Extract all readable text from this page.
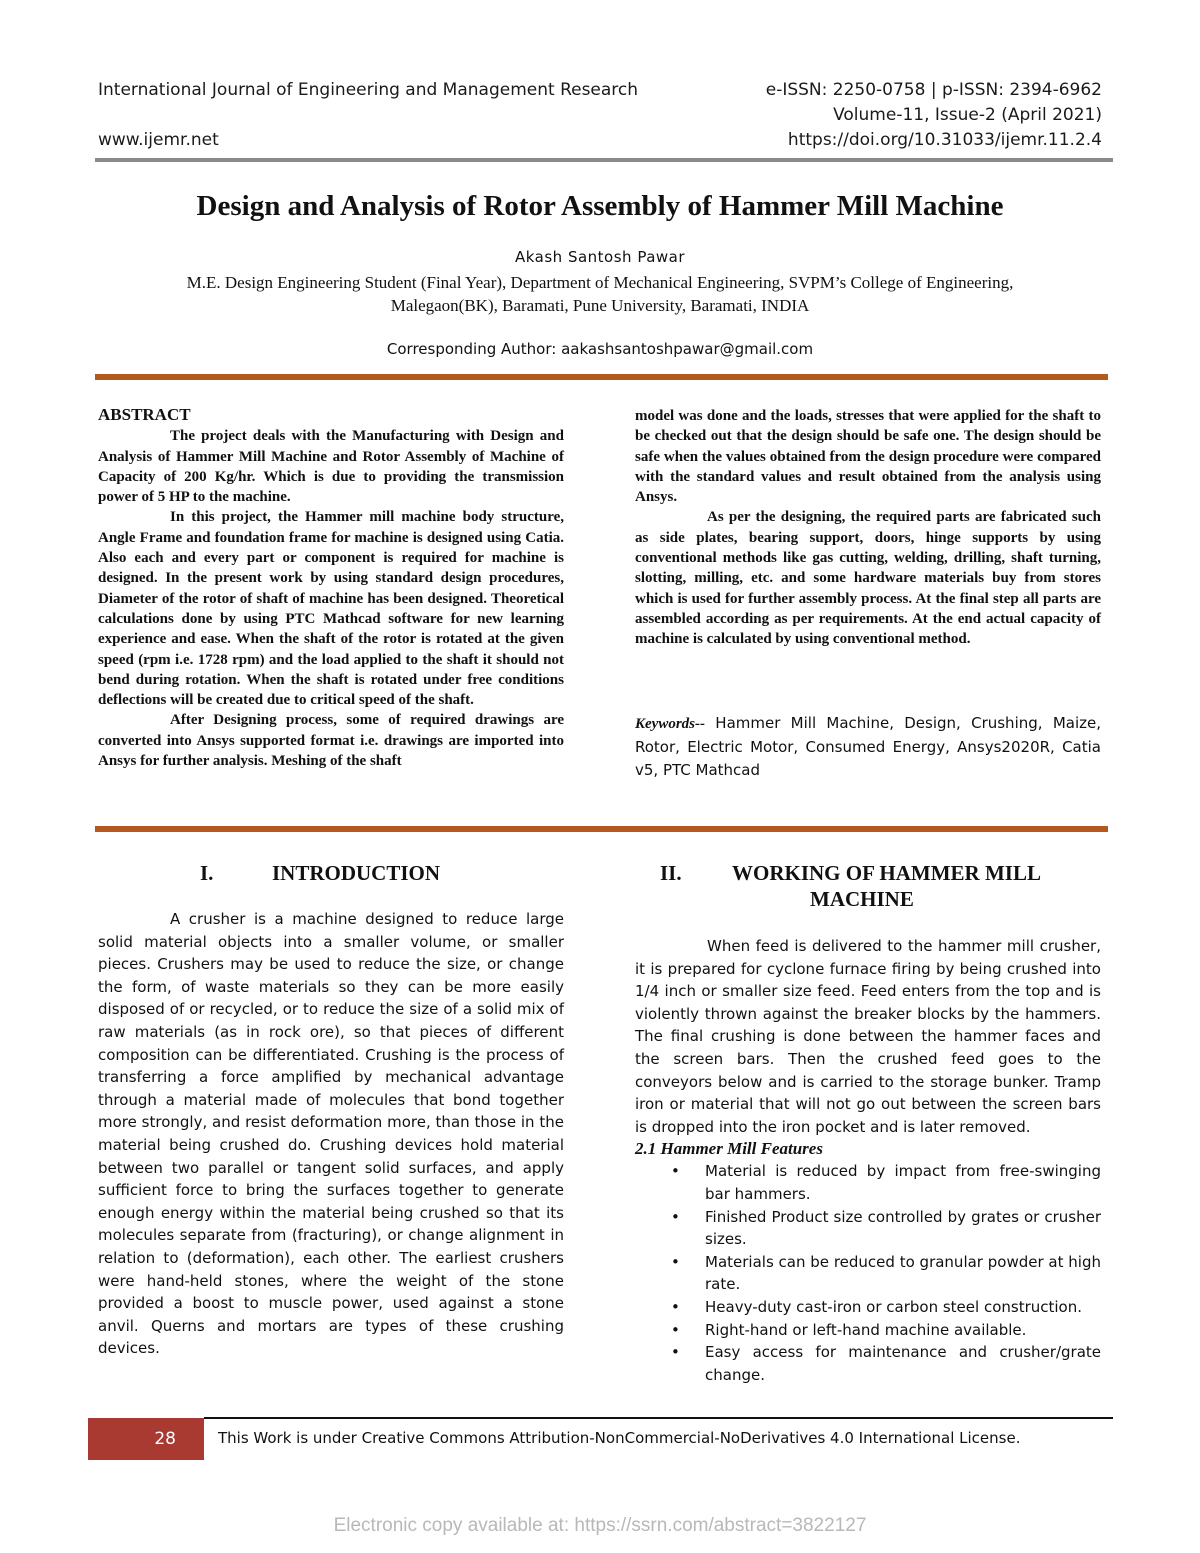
International Journal of Engineering and Management Research	e-ISSN: 2250-0758 | p-ISSN: 2394-6962
Volume-11, Issue-2 (April 2021)
www.ijemr.net	https://doi.org/10.31033/ijemr.11.2.4
Design and Analysis of Rotor Assembly of Hammer Mill Machine
Akash Santosh Pawar
M.E. Design Engineering Student (Final Year), Department of Mechanical Engineering, SVPM’s College of Engineering,
Malegaon(BK), Baramati, Pune University, Baramati, INDIA
Corresponding Author: aakashsantoshpawar@gmail.com
ABSTRACT

The project deals with the Manufacturing with Design and Analysis of Hammer Mill Machine and Rotor Assembly of Machine of Capacity of 200 Kg/hr. Which is due to providing the transmission power of 5 HP to the machine.

In this project, the Hammer mill machine body structure, Angle Frame and foundation frame for machine is designed using Catia. Also each and every part or component is required for machine is designed. In the present work by using standard design procedures, Diameter of the rotor of shaft of machine has been designed. Theoretical calculations done by using PTC Mathcad software for new learning experience and ease. When the shaft of the rotor is rotated at the given speed (rpm i.e. 1728 rpm) and the load applied to the shaft it should not bend during rotation. When the shaft is rotated under free conditions deflections will be created due to critical speed of the shaft.

After Designing process, some of required drawings are converted into Ansys supported format i.e. drawings are imported into Ansys for further analysis. Meshing of the shaft

model was done and the loads, stresses that were applied for the shaft to be checked out that the design should be safe one. The design should be safe when the values obtained from the design procedure were compared with the standard values and result obtained from the analysis using Ansys.

As per the designing, the required parts are fabricated such as side plates, bearing support, doors, hinge supports by using conventional methods like gas cutting, welding, drilling, shaft turning, slotting, milling, etc. and some hardware materials buy from stores which is used for further assembly process. At the final step all parts are assembled according as per requirements. At the end actual capacity of machine is calculated by using conventional method.

Keywords-- Hammer Mill Machine, Design, Crushing, Maize, Rotor, Electric Motor, Consumed Energy, Ansys2020R, Catia v5, PTC Mathcad
I.	INTRODUCTION

A crusher is a machine designed to reduce large solid material objects into a smaller volume, or smaller pieces. Crushers may be used to reduce the size, or change the form, of waste materials so they can be more easily disposed of or recycled, or to reduce the size of a solid mix of raw materials (as in rock ore), so that pieces of different composition can be differentiated. Crushing is the process of transferring a force amplified by mechanical advantage through a material made of molecules that bond together more strongly, and resist deformation more, than those in the material being crushed do. Crushing devices hold material between two parallel or tangent solid surfaces, and apply sufficient force to bring the surfaces together to generate enough energy within the material being crushed so that its molecules separate from (fracturing), or change alignment in relation to (deformation), each other. The earliest crushers were hand-held stones, where the weight of the stone provided a boost to muscle power, used against a stone anvil. Querns and mortars are types of these crushing devices.

II. WORKING OF HAMMER MILL
MACHINE

When feed is delivered to the hammer mill crusher, it is prepared for cyclone furnace firing by being crushed into 1/4 inch or smaller size feed. Feed enters from the top and is violently thrown against the breaker blocks by the hammers. The final crushing is done between the hammer faces and the screen bars. Then the crushed feed goes to the conveyors below and is carried to the storage bunker. Tramp iron or material that will not go out between the screen bars is dropped into the iron pocket and is later removed.

2.1 Hammer Mill Features

• Material is reduced by impact from free-swinging bar hammers.
• Finished Product size controlled by grates or crusher sizes.
• Materials can be reduced to granular powder at high rate.
• Heavy-duty cast-iron or carbon steel construction.
• Right-hand or left-hand machine available.
• Easy access for maintenance and crusher/grate change.
28	This Work is under Creative Commons Attribution-NonCommercial-NoDerivatives 4.0 International License.
Electronic copy available at: https://ssrn.com/abstract=3822127
